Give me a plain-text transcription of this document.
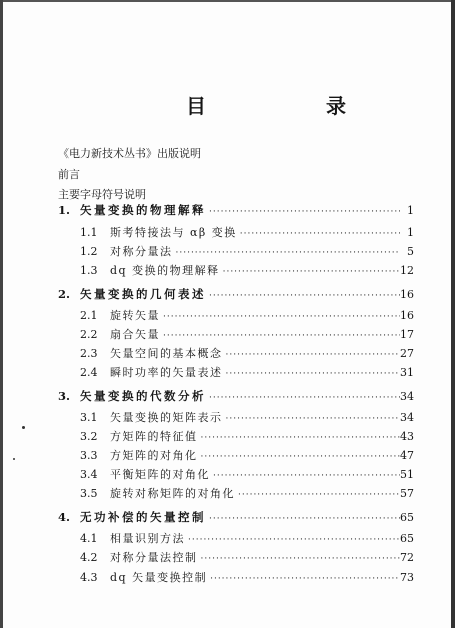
目　录
《电力新技术丛书》出版说明
前言
主要字母符号说明
1. 矢量变换的物理解释 ·····	1
1.1	斯考特接法与 αβ 变换 ·····	1
1.2	对称分量法 ·····	5
1.3	dq 变换的物理解释 ·····	12
2. 矢量变换的几何表述 ·····	16
2.1	旋转矢量 ·····	16
2.2	扇合矢量 ·····	17
2.3	矢量空间的基本概念 ·····	27
2.4	瞬时功率的矢量表述 ·····	31
3. 矢量变换的代数分析 ·····	34
3.1	矢量变换的矩阵表示 ·····	34
3.2	方矩阵的特征值 ·····	43
3.3	方矩阵的对角化 ·····	47
3.4	平衡矩阵的对角化 ·····	51
3.5	旋转对称矩阵的对角化 ·····	57
4. 无功补偿的矢量控制 ·····	65
4.1	相量识别方法 ·····	65
4.2	对称分量法控制 ·····	72
4.3	dq 矢量变换控制 ·····	73
